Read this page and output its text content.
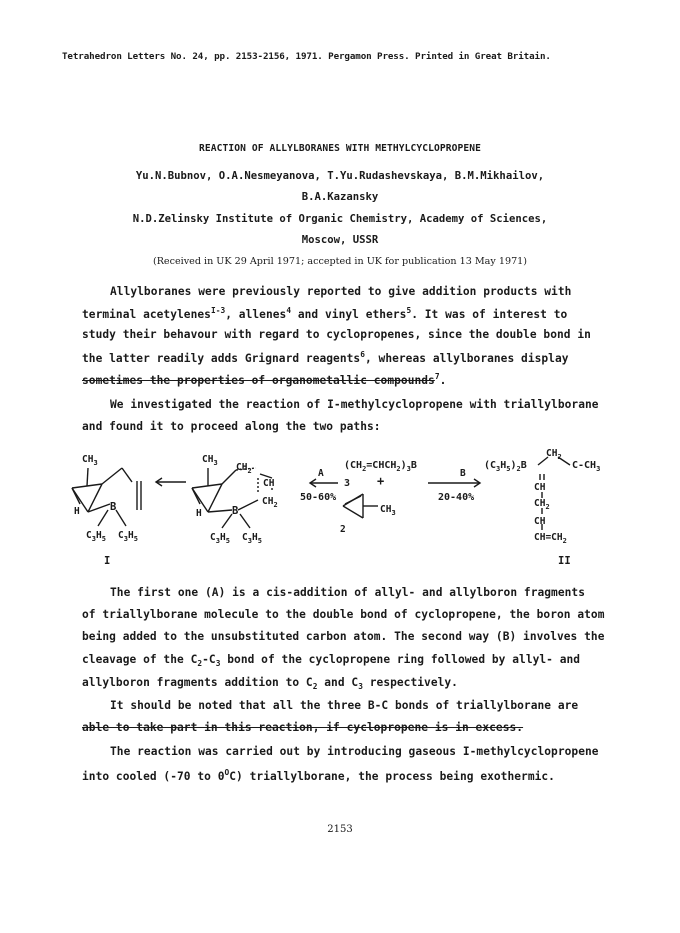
Tetrahedron Letters No. 24, pp. 2153-2156, 1971. Pergamon Press. Printed in Great Britain.
REACTION OF ALLYLBORANES WITH METHYLCYCLOPROPENE
Yu.N.Bubnov, O.A.Nesmeyanova, T.Yu.Rudashevskaya, B.M.Mikhailov,
B.A.Kazansky
N.D.Zelinsky Institute of Organic Chemistry, Academy of Sciences,
Moscow, USSR
(Received in UK 29 April 1971; accepted in UK for publication 13 May 1971)
Allylboranes were previously reported to give addition products with
terminal acetylenes$^{I-3}$, allenes$^4$ and vinyl ethers$^5$. It was of interest to
study their behavour with regard to cyclopropenes, since the double bond in
the latter readily adds Grignard reagents$^6$, whereas allylboranes display
sometimes the properties of organometallic compounds$^7$.
We investigated the reaction of I-methylcyclopropene with triallylborane
and found it to proceed along the two paths:
$CH_3$
B
H
$C_3H_5$ $C_3H_5$
$CH_3$ $CH_2$
CH
$CH_2$
B
H
$C_3H_5$ $C_3H_5$
A
50-60%
$(CH_2=CHCH_2)_3B$
3 +
$CH_3$
2
B
20-40%
$(C_3H_5)_2B$
$CH_2$
$C-CH_3$
CH
$CH_2$
CH
$CH=CH_2$
I	II
The first one (A) is a cis-addition of allyl- and allylboron fragments
of triallylborane molecule to the double bond of cyclopropene, the boron atom
being added to the unsubstituted carbon atom. The second way (B) involves the
cleavage of the $C_2-C_3$ bond of the cyclopropene ring followed by allyl- and
allylboron fragments addition to $C_2$ and $C_3$ respectively.
It should be noted that all the three B-C bonds of triallylborane are
able to take part in this reaction, if cyclopropene is in excess.
The reaction was carried out by introducing gaseous I-methylcyclopropene
into cooled (-70 to $0^OC$) triallylborane, the process being exothermic.
2153
